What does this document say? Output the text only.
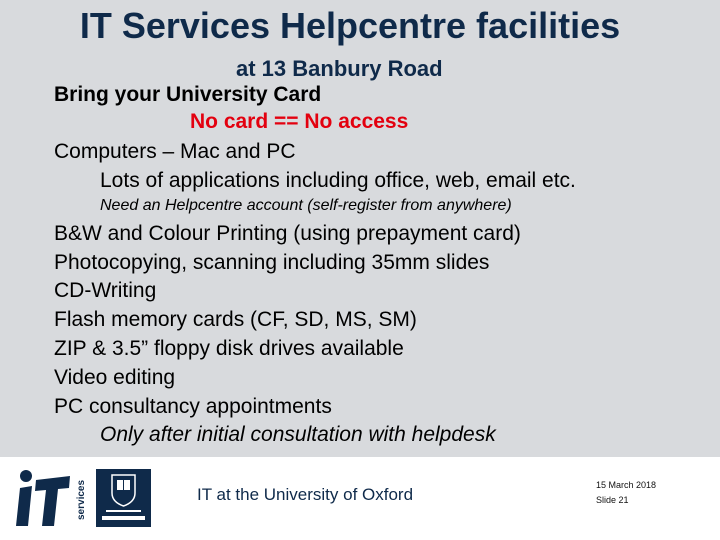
IT Services Helpcentre facilities
at 13 Banbury Road
Bring your University Card
No card == No access
Computers – Mac and PC
Lots of applications including office, web, email etc.
Need an Helpcentre account (self-register from anywhere)
B&W and Colour Printing (using prepayment card)
Photocopying, scanning including 35mm slides
CD-Writing
Flash memory cards (CF, SD, MS, SM)
ZIP & 3.5” floppy disk drives available
Video editing
PC consultancy appointments
Only after initial consultation with helpdesk
services	IT at the University of Oxford	15 March 2018
Slide 21
